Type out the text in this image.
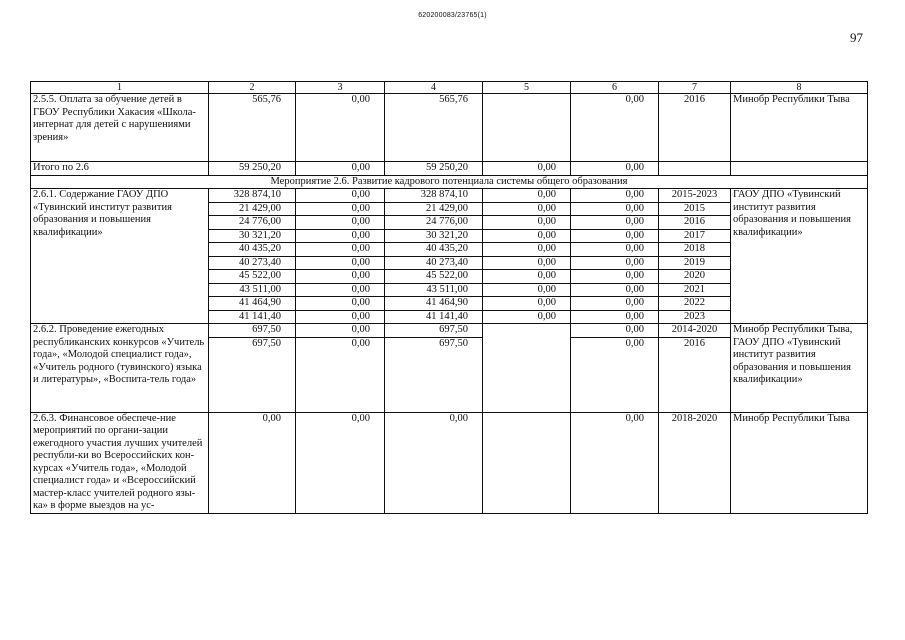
620200083/23765(1)
97
1	2	3	4	5	6	7	8
2.5.5. Оплата за обучение детей в ГБОУ Республики Хакасия «Школа-интернат для детей с нарушениями зрения»	565,76	0,00	565,76		0,00	2016	Минобр Республики Тыва
Итого по 2.6	59 250,20	0,00	59 250,20	0,00	0,00		
Мероприятие 2.6. Развитие кадрового потенциала системы общего образования							
2.6.1. Содержание ГАОУ ДПО «Тувинский институт развития образования и повышения квалификации»	328 874,10	0,00	328 874,10	0,00	0,00	2015-2023	ГАОУ ДПО «Тувинский институт развития образования и повышения квалификации»
	21 429,00	0,00	21 429,00	0,00	0,00	2015	
	24 776,00	0,00	24 776,00	0,00	0,00	2016	
	30 321,20	0,00	30 321,20	0,00	0,00	2017	
	40 435,20	0,00	40 435,20	0,00	0,00	2018	
	40 273,40	0,00	40 273,40	0,00	0,00	2019	
	45 522,00	0,00	45 522,00	0,00	0,00	2020	
	43 511,00	0,00	43 511,00	0,00	0,00	2021	
	41 464,90	0,00	41 464,90	0,00	0,00	2022	
	41 141,40	0,00	41 141,40	0,00	0,00	2023	
2.6.2. Проведение ежегодных республиканских конкурсов «Учитель года», «Молодой специалист года», «Учитель родного (тувинского) языка и литературы», «Воспита-тель года»	697,50	0,00	697,50		0,00	2014-2020	Минобр Республики Тыва, ГАОУ ДПО «Тувинский институт развития образования и повышения квалификации»
	697,50	0,00	697,50		0,00	2016	
2.6.3. Финансовое обеспече-ние мероприятий по органи-зации ежегодного участия лучших учителей республи-ки во Всероссийских кон-курсах «Учитель года», «Молодой специалист года» и «Всероссийский мастер-класс учителей родного язы-ка» в форме выездов на ус-	0,00	0,00	0,00		0,00	2018-2020	Минобр Республики Тыва
